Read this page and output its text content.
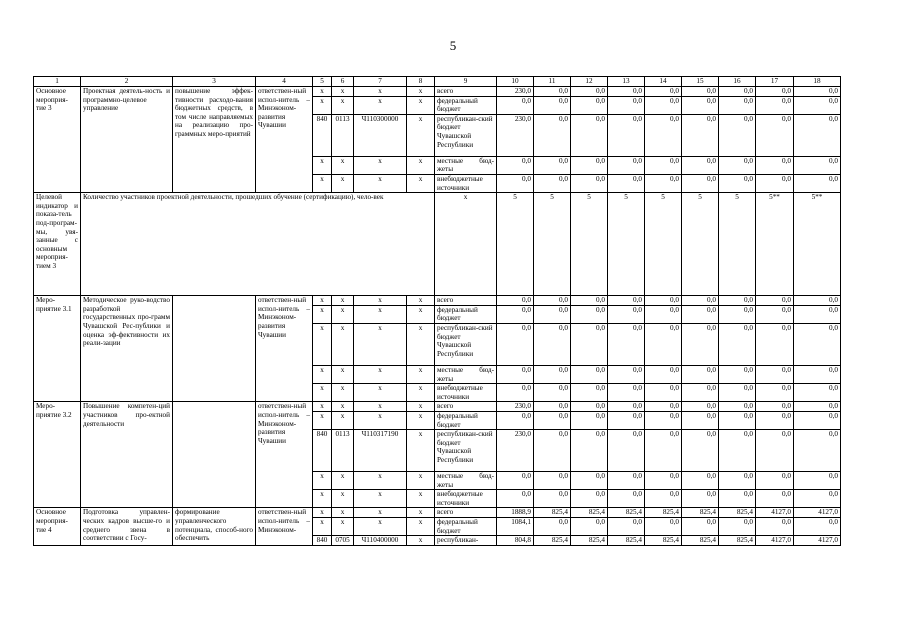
5
1	2	3	4	5	6	7	8	9	10	11	12	13	14	15	16	17	18
Основное мероприя-тие 3	Проектная деятель-ность и программно-целевое управление	повышение эффек-тивности расходо-вания бюджетных средств, в том числе направляемых на реализацию про-граммных меро-приятий	ответствен-ный испол-нитель – Минэконом-развития Чувашии	x	x	x	x	всего	230,0	0,0	0,0	0,0	0,0	0,0	0,0	0,0	0,0
				x	x	x	x	федеральный бюджет	0,0	0,0	0,0	0,0	0,0	0,0	0,0	0,0	0,0
				840	0113	Ч110300000	x	республикан-ский бюджет Чувашской Республики	230,0	0,0	0,0	0,0	0,0	0,0	0,0	0,0	0,0
				x	x	x	x	местные бюд-жеты	0,0	0,0	0,0	0,0	0,0	0,0	0,0	0,0	0,0
				x	x	x	x	внебюджетные источники	0,0	0,0	0,0	0,0	0,0	0,0	0,0	0,0	0,0
Целевой индикатор и показа-тель под-програм-мы, увя-занные с основным мероприя-тием 3	Количество участников проектной деятельности, прошедших обучение (сертификацию), чело-век							x	5	5	5	5	5	5	5	5**	5**
Меро-приятие 3.1	Методическое руко-водство разработкой государственных про-грамм Чувашской Рес-публики и оценка эф-фективности их реали-зации		ответствен-ный испол-нитель – Минэконом-развития Чувашии	x	x	x	x	всего	0,0	0,0	0,0	0,0	0,0	0,0	0,0	0,0	0,0
				x	x	x	x	федеральный бюджет	0,0	0,0	0,0	0,0	0,0	0,0	0,0	0,0	0,0
				x	x	x	x	республикан-ский бюджет Чувашской Республики	0,0	0,0	0,0	0,0	0,0	0,0	0,0	0,0	0,0
				x	x	x	x	местные бюд-жеты	0,0	0,0	0,0	0,0	0,0	0,0	0,0	0,0	0,0
				x	x	x	x	внебюджетные источники	0,0	0,0	0,0	0,0	0,0	0,0	0,0	0,0	0,0
Меро-приятие 3.2	Повышение компетен-ций участников про-ектной деятельности		ответствен-ный испол-нитель – Минэконом-развития Чувашии	x	x	x	x	всего	230,0	0,0	0,0	0,0	0,0	0,0	0,0	0,0	0,0
				x	x	x	x	федеральный бюджет	0,0	0,0	0,0	0,0	0,0	0,0	0,0	0,0	0,0
				840	0113	Ч110317190	x	республикан-ский бюджет Чувашской Республики	230,0	0,0	0,0	0,0	0,0	0,0	0,0	0,0	0,0
				x	x	x	x	местные бюд-жеты	0,0	0,0	0,0	0,0	0,0	0,0	0,0	0,0	0,0
				x	x	x	x	внебюджетные источники	0,0	0,0	0,0	0,0	0,0	0,0	0,0	0,0	0,0
Основное мероприя-тие 4	Подготовка управлен-ческих кадров высше-го и среднего звена в соответствии с Госу-	формирование управленческого потенциала, способ-ного обеспечить	ответствен-ный испол-нитель – Минэконом-	x	x	x	x	всего	1888,9	825,4	825,4	825,4	825,4	825,4	825,4	4127,0	4127,0
				x	x	x	x	федеральный бюджет	1084,1	0,0	0,0	0,0	0,0	0,0	0,0	0,0	0,0
				840	0705	Ч110400000	x	республикан-	804,8	825,4	825,4	825,4	825,4	825,4	825,4	4127,0	4127,0
